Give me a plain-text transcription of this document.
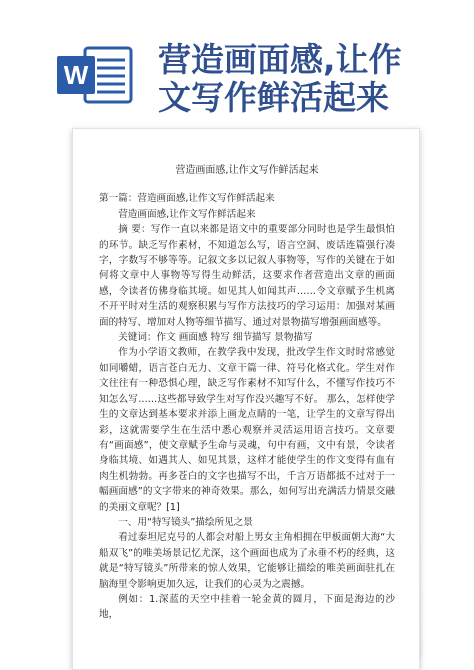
W 营造画面感,让作
文写作鲜活起来
营造画面感,让作文写作鲜活起来

第一篇：营造画面感,让作文写作鲜活起来

营造画面感,让作文写作鲜活起来

摘 要：写作一直以来都是语文中的重要部分同时也是学生最惧怕的环节。缺乏写作素材，不知道怎么写，语言空洞、废话连篇强行凑字，字数写不够等等。记叙文多以记叙人事物等，写作的关键在于如何将文章中人事物等写得生动鲜活，这要求作者营造出文章的画面感，令读者仿佛身临其境。如见其人如闻其声……令文章赋予生机离不开平时对生活的观察积累与写作方法技巧的学习运用：加强对某画面的特写、增加对人物等细节描写、通过对景物描写增强画面感等。

关键词：作文 画面感 特写 细节描写 景物描写

作为小学语文教师，在教学我中发现，批改学生作文时时常感觉如同嚼蜡，语言苍白无力、文章干篇一律、符号化格式化。学生对作文往往有一种恐惧心理，缺乏写作素材不知写什么，不懂写作技巧不知怎么写……这些都导致学生对写作没兴趣写不好。 那么，怎样使学生的文章达到基本要求并添上画龙点睛的一笔，让学生的文章写得出彩，这就需要学生在生活中悉心观察并灵活运用语言技巧。文章要有“画面感”，使文章赋予生命与灵魂，句中有画，文中有景，令读者身临其境、如遇其人、如见其景，这样才能使学生的作文变得有血有肉生机勃勃。再多苍白的文字也描写不出，千言万语都抵不过对于一幅画面感”的文字带来的神奇效果。那么，如何写出充满活力情景交融的美丽文章呢？[1]

一、用“特写镜头”描绘所见之景

看过泰坦尼克号的人都会对船上男女主角相拥在甲板面朝大海“大船双飞”的唯美场景记忆尤深，这个画面也成为了永垂不朽的经典，这就是“特写镜头”所带来的惊人效果，它能够让描绘的唯美画面驻扎在脑海里令影响更加久远，让我们的心灵为之震撼。

例如：1.深蓝的天空中挂着一轮金黄的圆月，下面是海边的沙地，
